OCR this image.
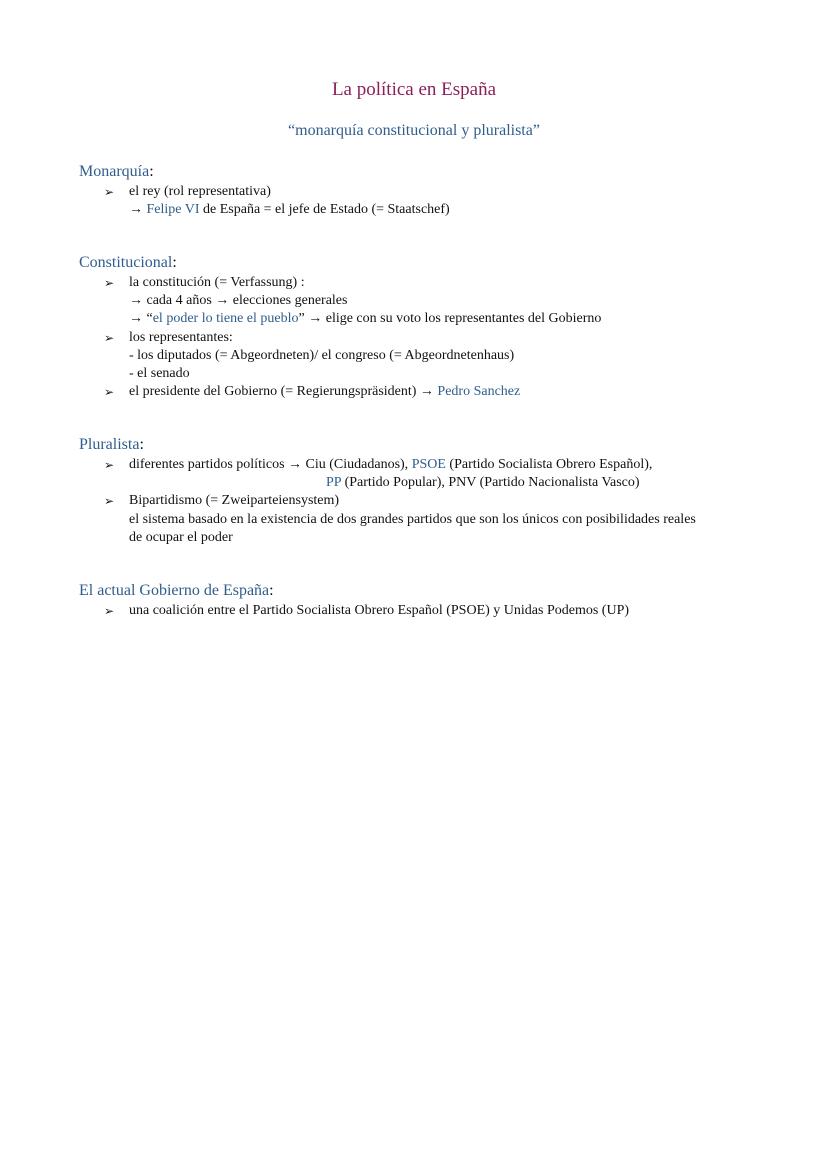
La política en España
“monarquía constitucional y pluralista”
Monarquía:
➢ el rey (rol representativa)
→ Felipe VI de España = el jefe de Estado (= Staatschef)
Constitucional:
➢ la constitución (= Verfassung) :
→ cada 4 años → elecciones generales
→ “el poder lo tiene el pueblo” → elige con su voto los representantes del Gobierno
➢ los representantes:
- los diputados (= Abgeordneten)/ el congreso (= Abgeordnetenhaus)
- el senado
➢ el presidente del Gobierno (= Regierungspräsident) → Pedro Sanchez
Pluralista:
➢ diferentes partidos políticos → Ciu (Ciudadanos), PSOE (Partido Socialista Obrero Español),
PP (Partido Popular), PNV (Partido Nacionalista Vasco)
➢ Bipartidismo (= Zweiparteiensystem)
el sistema basado en la existencia de dos grandes partidos que son los únicos con posibilidades reales
de ocupar el poder
El actual Gobierno de España:
➢ una coalición entre el Partido Socialista Obrero Español (PSOE) y Unidas Podemos (UP)
